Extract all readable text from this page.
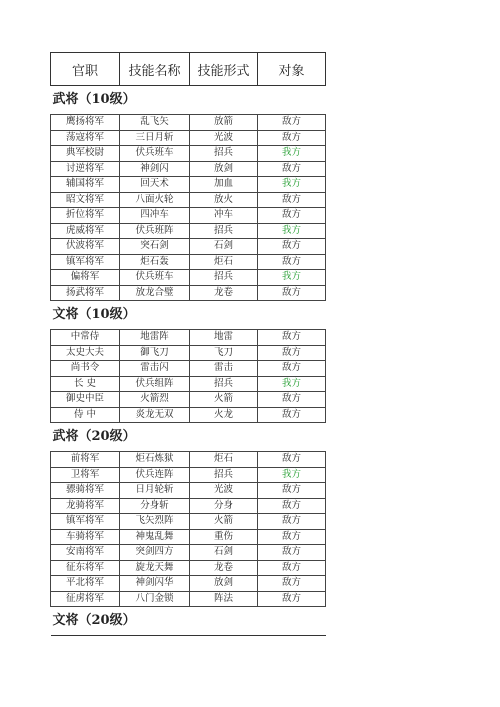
官职	技能名称	技能形式	对象
武将（10级）			
鹰扬将军	乱飞矢	放箭	敌方
荡寇将军	三日月斩	光波	敌方
典军校尉	伏兵班车	招兵	我方
讨逆将军	神剑闪	放剑	敌方
辅国将军	回天术	加血	我方
昭文将军	八面火轮	放火	敌方
折位将军	四冲车	冲车	敌方
虎威将军	伏兵班阵	招兵	我方
伏波将军	突石剑	石剑	敌方
镇军将军	炬石轰	炬石	敌方
偏将军	伏兵班车	招兵	我方
扬武将军	放龙合璧	龙卷	敌方
文将（10级）			
中常侍	地雷阵	地雷	敌方
太史大夫	御飞刀	飞刀	敌方
尚书令	雷击闪	雷击	敌方
长 史	伏兵组阵	招兵	我方
御史中臣	火箭烈	火箭	敌方
侍 中	炎龙无双	火龙	敌方
武将（20级）			
前将军	炬石炼狱	炬石	敌方
卫将军	伏兵连阵	招兵	我方
骠骑将军	日月轮斩	光波	敌方
龙骑将军	分身斩	分身	敌方
镇军将军	飞矢烈阵	火箭	敌方
车骑将军	神鬼乱舞	重伤	敌方
安南将军	突剑四方	石剑	敌方
征东将军	旋龙天舞	龙卷	敌方
平北将军	神剑闪华	放剑	敌方
征虏将军	八门金锁	阵法	敌方
文将（20级）			
